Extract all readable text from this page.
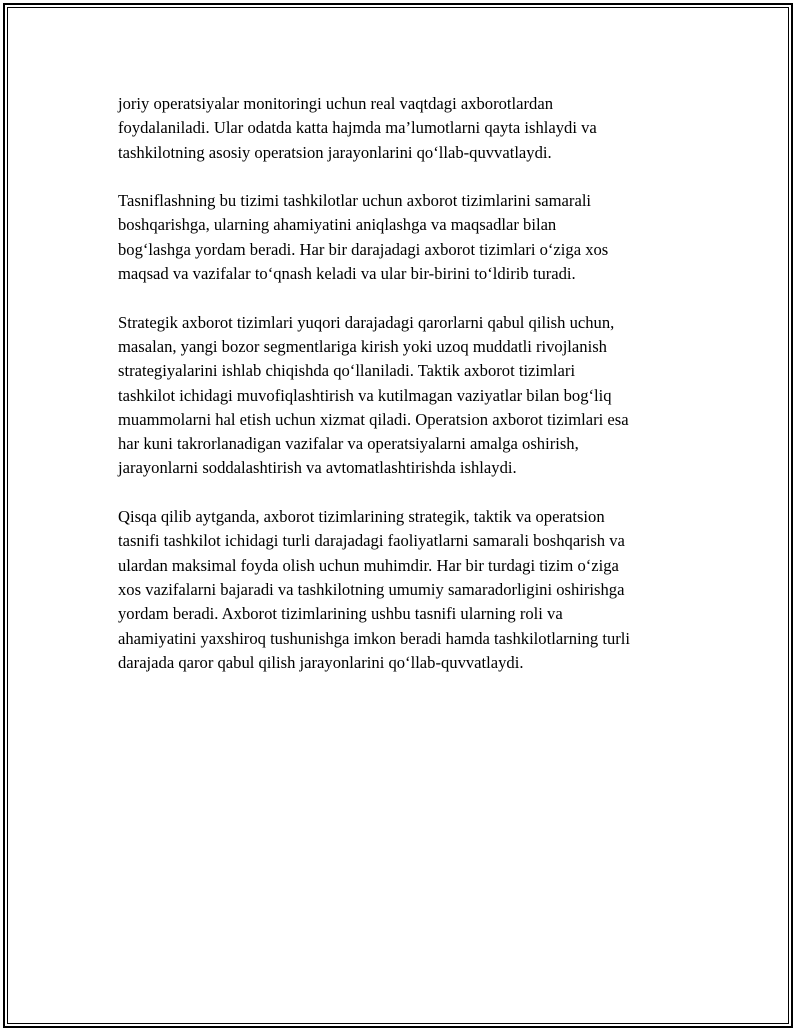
joriy operatsiyalar monitoringi uchun real vaqtdagi axborotlardan
foydalaniladi. Ular odatda katta hajmda ma’lumotlarni qayta ishlaydi va
tashkilotning asosiy operatsion jarayonlarini qo‘llab-quvvatlaydi.

Tasniflashning bu tizimi tashkilotlar uchun axborot tizimlarini samarali
boshqarishga, ularning ahamiyatini aniqlashga va maqsadlar bilan
bog‘lashga yordam beradi. Har bir darajadagi axborot tizimlari o‘ziga xos
maqsad va vazifalar to‘qnash keladi va ular bir-birini to‘ldirib turadi.

Strategik axborot tizimlari yuqori darajadagi qarorlarni qabul qilish uchun,
masalan, yangi bozor segmentlariga kirish yoki uzoq muddatli rivojlanish
strategiyalarini ishlab chiqishda qo‘llaniladi. Taktik axborot tizimlari
tashkilot ichidagi muvofiqlashtirish va kutilmagan vaziyatlar bilan bog‘liq
muammolarni hal etish uchun xizmat qiladi. Operatsion axborot tizimlari esa
har kuni takrorlanadigan vazifalar va operatsiyalarni amalga oshirish,
jarayonlarni soddalashtirish va avtomatlashtirishda ishlaydi.

Qisqa qilib aytganda, axborot tizimlarining strategik, taktik va operatsion
tasnifi tashkilot ichidagi turli darajadagi faoliyatlarni samarali boshqarish va
ulardan maksimal foyda olish uchun muhimdir. Har bir turdagi tizim o‘ziga
xos vazifalarni bajaradi va tashkilotning umumiy samaradorligini oshirishga
yordam beradi. Axborot tizimlarining ushbu tasnifi ularning roli va
ahamiyatini yaxshiroq tushunishga imkon beradi hamda tashkilotlarning turli
darajada qaror qabul qilish jarayonlarini qo‘llab-quvvatlaydi.
